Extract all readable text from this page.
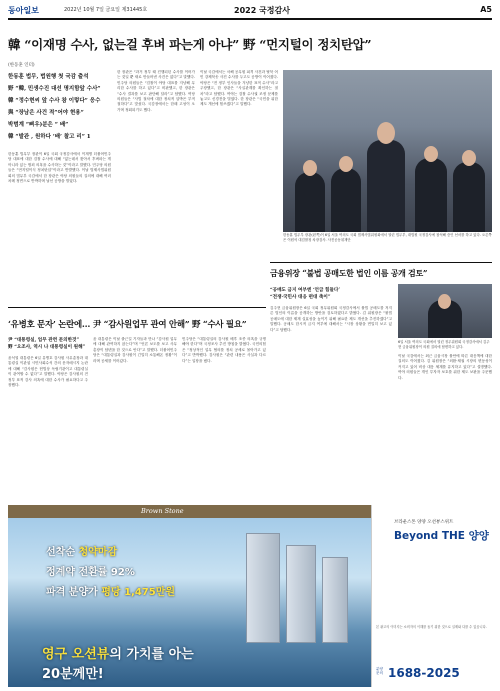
동아일보	2022년 10월 7일 금요일 제31445호	2022 국정감사	A5
韓 “이재명 수사, 없는걸 후벼 파는게 아냐” 野 “먼지털이 정치탄압”
(한동훈 인터)
한동훈 법무, 법원행 첫 국감 출석
野 “韓, 민생수진 대선 명지함앞 수사”
韓 “정수현씨 앞 수사 참 이렇다” 응수
與 “장남은 사건 적”어야 현용“
박범계 “삐우)분은 “ 배”
韓 “발관 , 원하다 ‘배’ 찰고 리” 1

한동훈 법무부 장관이 6일 국회 국정감사에서 이재명 더불어민주당 대표에 대한 검찰 수사에 대해 “없는데서 찾아서 후벼파는 게 아니라 있는 범죄 의혹을 수사하는 것”이라고 말했다. 민주당 의원들은 “먼지털이식 정치탄압”이라고 반발했다. 이날 법제사법위원회의 법무부 국감에서 한 장관은 야당 의원들의 질의에 대해 여러 차례 정면으로 반박하며 날선 공방을 벌였다.

한 장관은 “과거 정부 때 진행되던 수사를 이어가는 것일 뿐 새로 만들어낸 사건은 없다”고 말했다. 민주당 의원들은 “검찰이 야당 대표를 겨냥해 무리한 수사를 하고 있다”고 비판했고, 한 장관은 “수사 결과를 보고 판단해 달라”고 답했다. 여당 의원들은 “사법 절차에 대한 정치적 압박은 부적절하다”고 맞섰다. 국감장에서는 한때 고성이 오가며 정회되기도 했다.

이날 국감에서는 서해 공무원 피격 사건과 탈북 어민 강제북송 사건 수사를 두고도 공방이 이어졌다. 야당은 “전 정부 인사들을 겨냥한 표적 수사”라고 주장했고, 한 장관은 “사실관계를 확인하는 절차”라고 답했다. 여야는 검찰 수사권 조정 문제를 놓고도 신경전을 벌였다. 한 장관은 “국민을 위한 제도 개선에 힘쓰겠다”고 말했다.

한동훈 법무부 장관(왼쪽)이 6일 서울 여의도 국회 법제사법위원회에서 열린 법무부, 대법원 국정감사에 참석해 증인 선서를 하고 있다. 오른쪽은 이원석 대검찰청 차장검사. 사진공동취재단
‘유병호 문자’ 논란에… 尹 “감사원업무 관여 안해” 野 “수사 필요”
尹 “대통령실, 업무 관련 문의한것”
野 “오조사, 역시 나 대통령실이 원해”

윤석열 대통령은 6일 유병호 감사원 사무총장과 대통령실 이관섭 시민사회수석 간의 문자메시지 논란에 대해 “감사원은 헌법상 독립기관이고 대통령실이 관여할 수 없다”고 말했다. 야당은 감사원의 전 정부 표적 감사 의혹에 대한 수사가 필요하다고 주장했다.

윤 대통령은 이날 출근길 기자들과 만나 “감사원 업무에 대해 관여하지 않는다”며 “언론 보도를 보고 사무총장이 답변을 한 것으로 안다”고 말했다. 더불어민주당은 “대통령실과 감사원이 긴밀히 소통해온 정황”이라며 공세를 이어갔다.

민주당은 “대통령실의 감사원 배후 조종 의혹을 규명해야 한다”며 국정조사 추진 방침을 밝혔다. 국민의힘은 “정상적인 업무 협의를 정치 공세로 몰아가고 있다”고 반박했다. 감사원은 “관련 내용은 사실과 다르다”는 입장을 냈다.

금융위장 “불법 공매도한 법인 이름 공개 검토”
“공매도 금지 여부엔 ‘언급 힘들다’
“전쟁·국민사 대응 떤대 축이”

김주현 금융위원장은 6일 국회 정무위원회 국정감사에서 불법 공매도를 저지른 법인의 이름을 공개하는 방안을 검토하겠다고 밝혔다. 김 위원장은 “불법 공매도에 대한 제재 실효성을 높이기 위해 필요한 제도 개선을 추진하겠다”고 말했다. 공매도 한시적 금지 여부에 대해서는 “시장 상황을 면밀히 보고 있다”고 답했다.

6일 서울 여의도 국회에서 열린 정무위원회 국정감사에서 김주현 금융위원장이 의원 질의에 답변하고 있다.

이날 국감에서는 최근 금융시장 불안에 따른 대응책에 대한 질의도 이어졌다. 김 위원장은 “외환·채권 시장의 변동성이 커지고 있어 비상 대응 체계를 유지하고 있다”고 설명했다. 여야 의원들은 개인 투자자 보호를 위한 제도 보완을 주문했다.

Brown Stone
선착순 청약마감
정계약 전환률 92%
파격 분양가 평당 1,475만원
영구 오션뷰의 가치를 아는
20분께만!
브라운스톤 양양 오션뷰스위트
Beyond THE 양양
본 광고의 이미지는 소비자의 이해를 돕기 위한 것으로 실제와 다를 수 있습니다.
분양문의 1688-2025
